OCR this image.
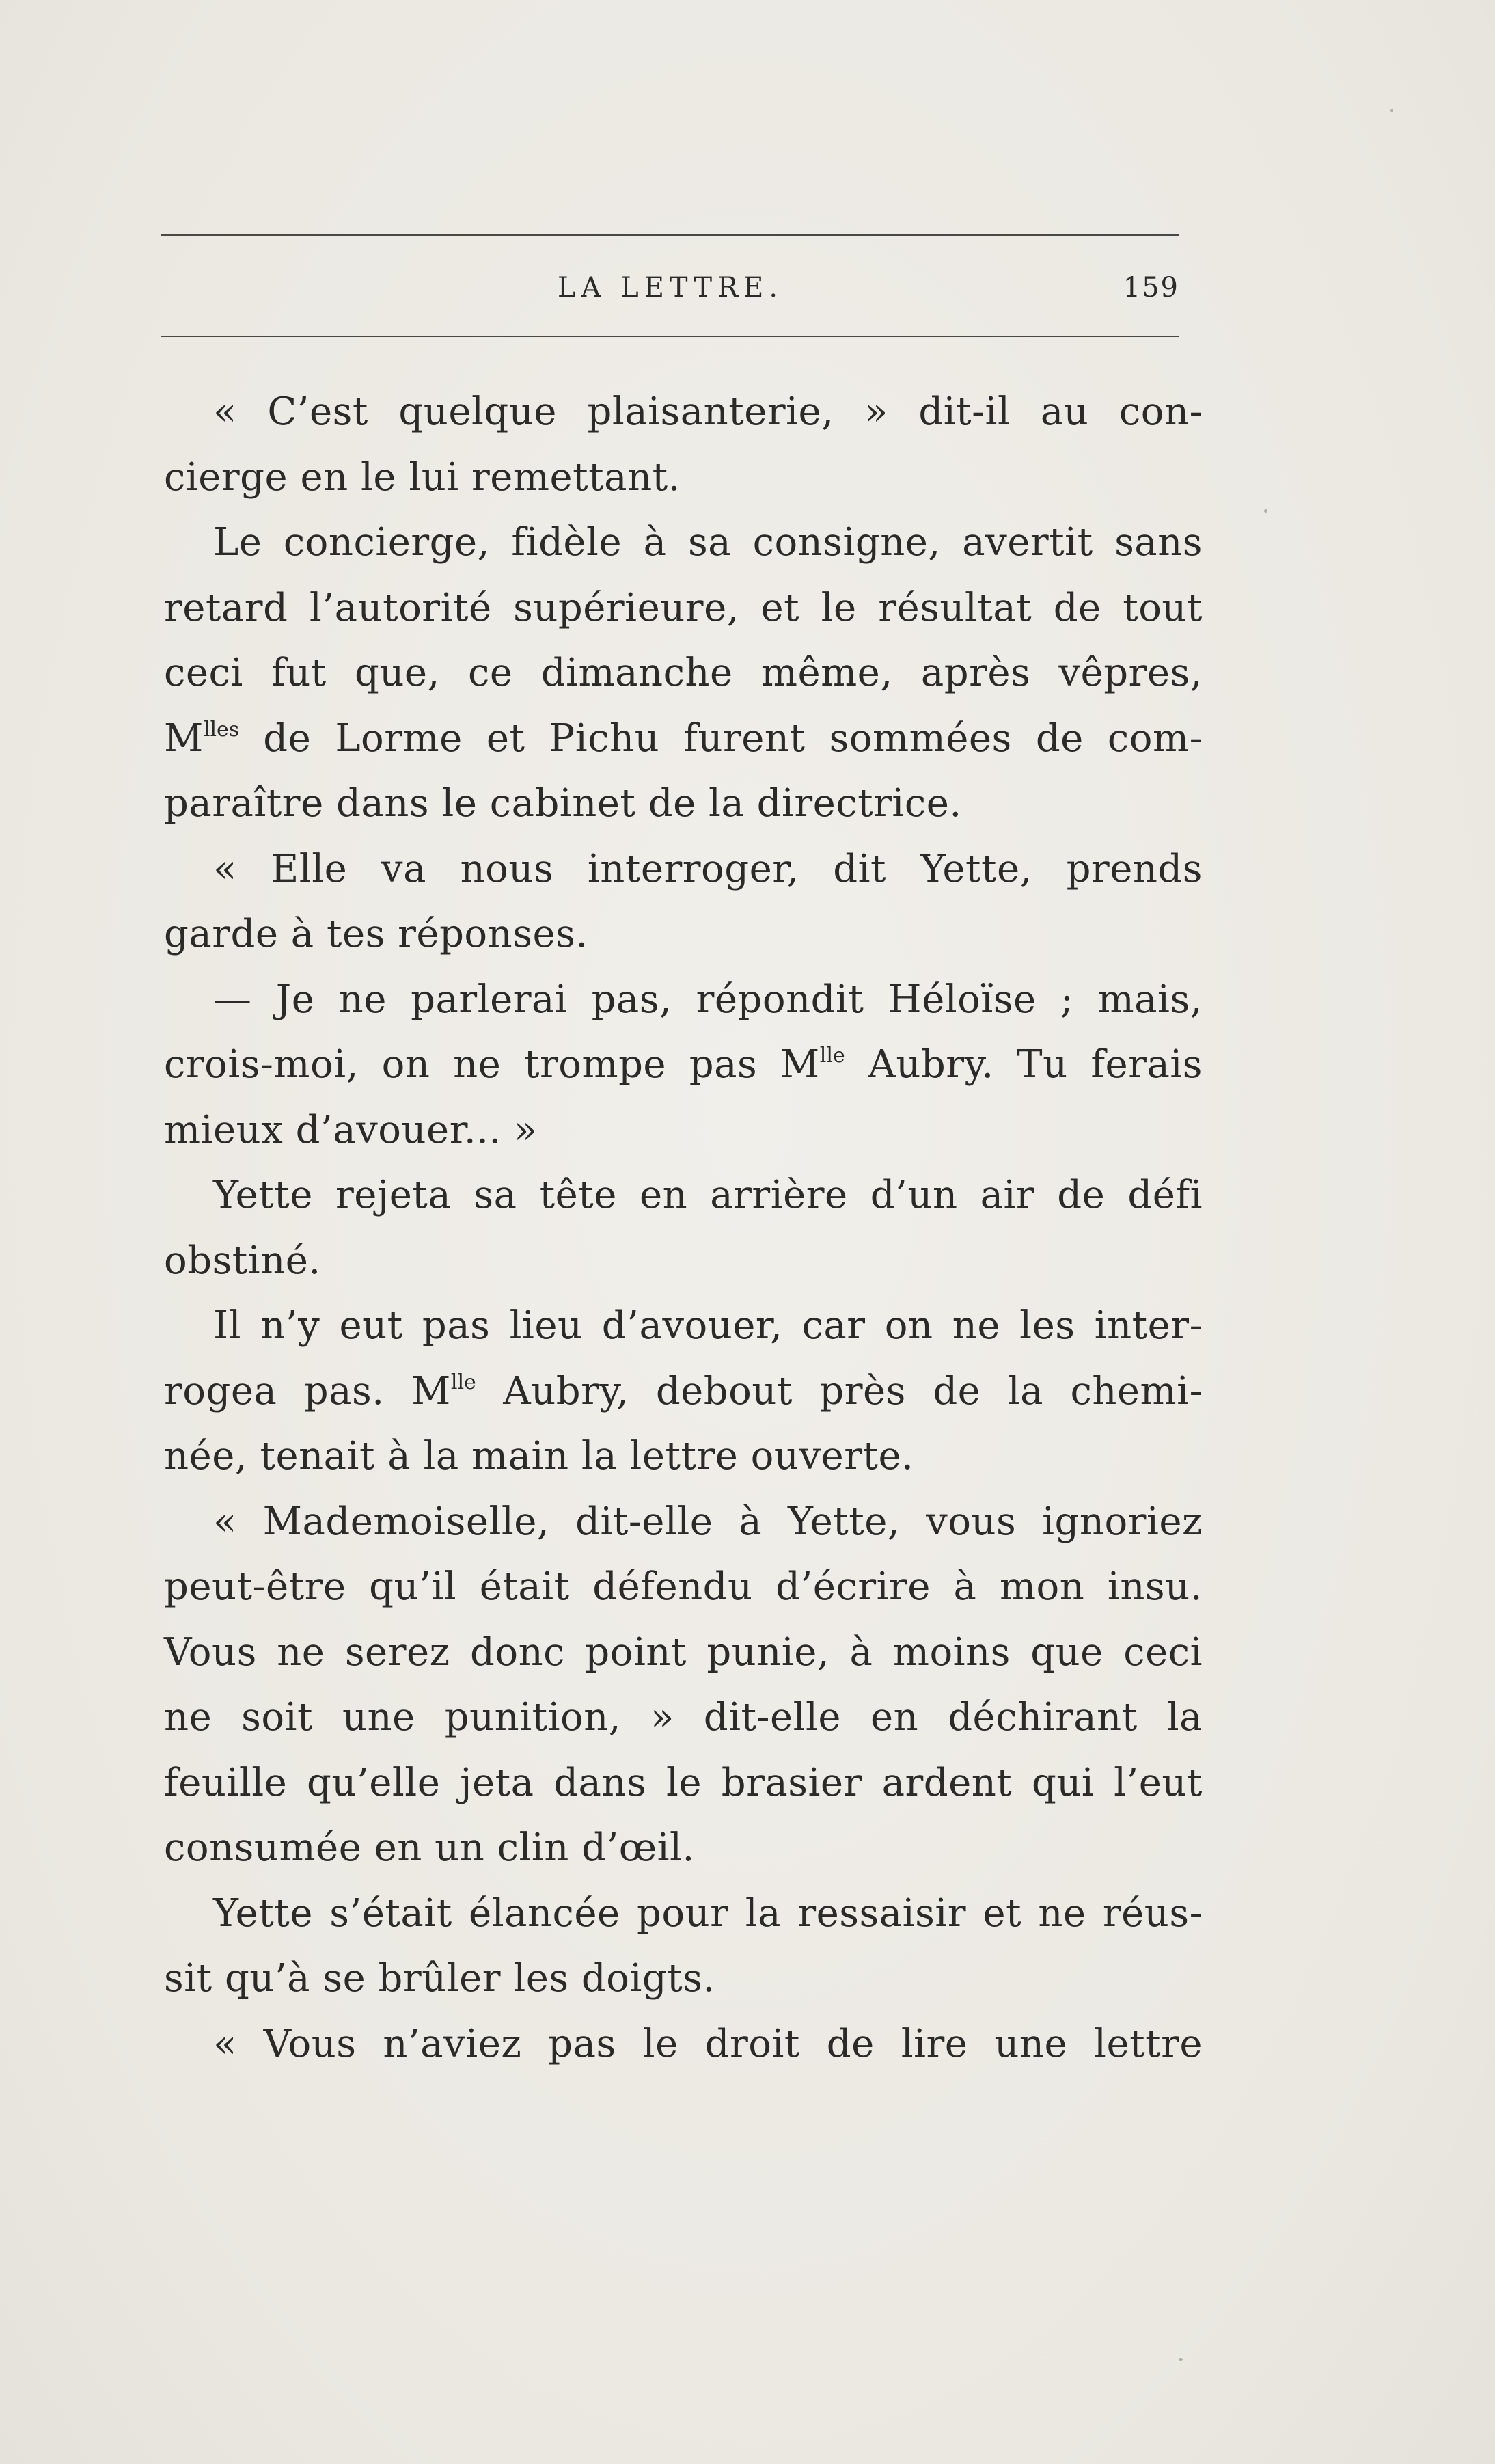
LA LETTRE.	159
« C’est quelque plaisanterie, » dit-il au con-
cierge en le lui remettant.
Le concierge, fidèle à sa consigne, avertit sans
retard l’autorité supérieure, et le résultat de tout
ceci fut que, ce dimanche même, après vêpres,
$M^{lles}$ de Lorme et Pichu furent sommées de com-
paraître dans le cabinet de la directrice.
« Elle va nous interroger, dit Yette, prends
garde à tes réponses.
— Je ne parlerai pas, répondit Héloïse ; mais,
crois-moi, on ne trompe pas $M^{lle}$ Aubry. Tu ferais
mieux d’avouer... »
Yette rejeta sa tête en arrière d’un air de défi
obstiné.
Il n’y eut pas lieu d’avouer, car on ne les inter-
rogea pas. $M^{lle}$ Aubry, debout près de la chemi-
née, tenait à la main la lettre ouverte.
« Mademoiselle, dit-elle à Yette, vous ignoriez
peut-être qu’il était défendu d’écrire à mon insu.
Vous ne serez donc point punie, à moins que ceci
ne soit une punition, » dit-elle en déchirant la
feuille qu’elle jeta dans le brasier ardent qui l’eut
consumée en un clin d’œil.
Yette s’était élancée pour la ressaisir et ne réus-
sit qu’à se brûler les doigts.
« Vous n’aviez pas le droit de lire une lettre
